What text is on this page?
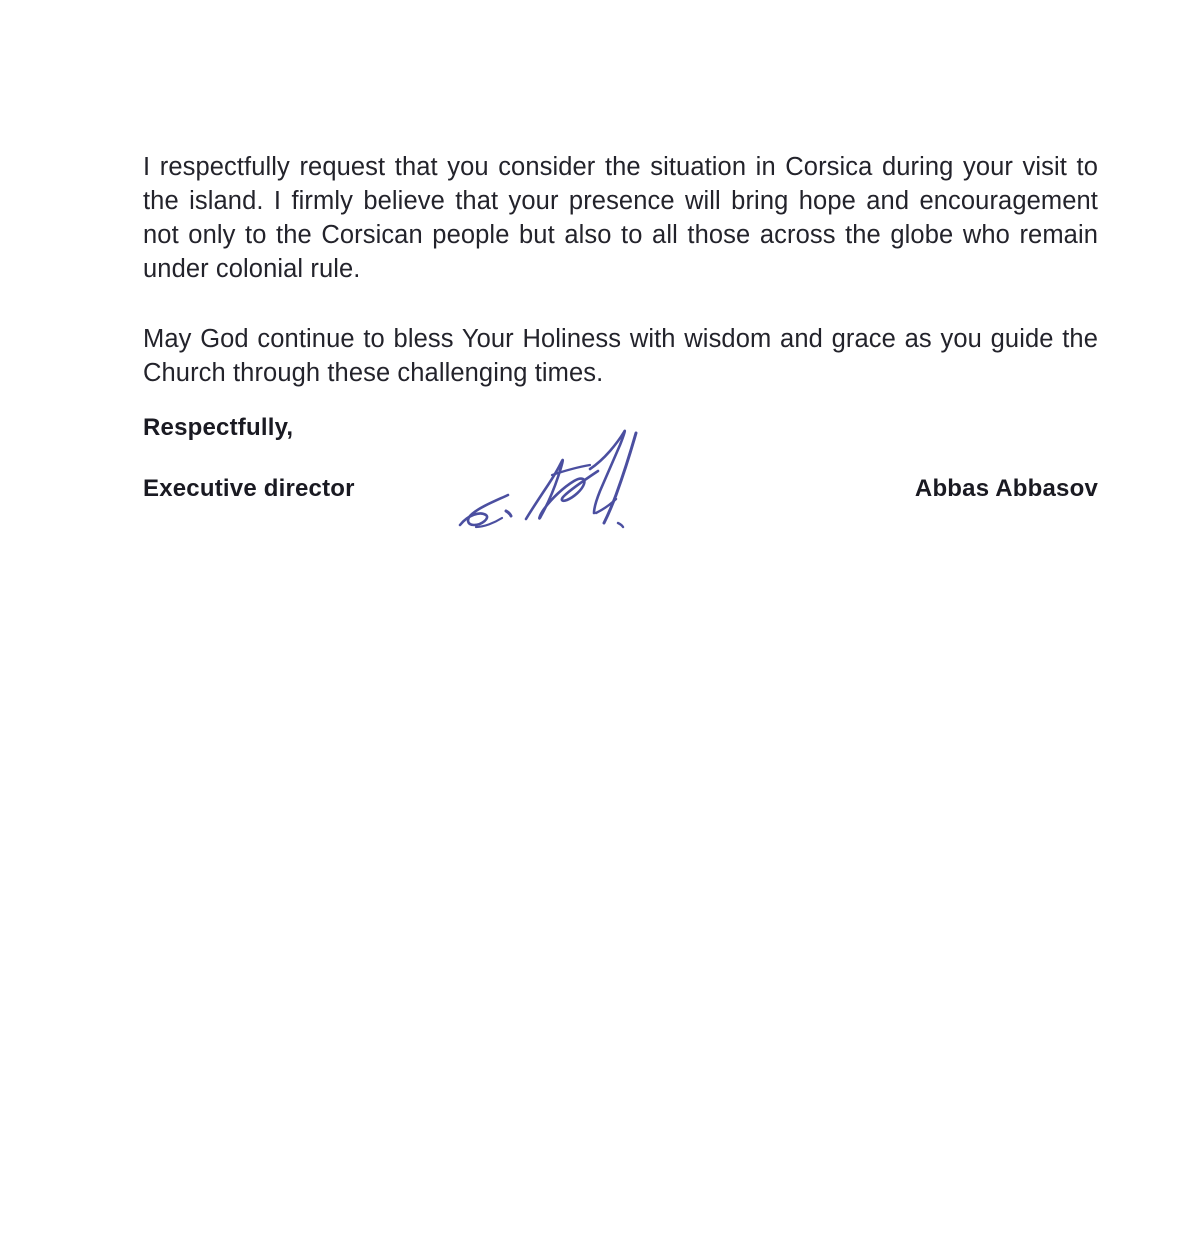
I respectfully request that you consider the situation in Corsica during your visit to the island. I firmly believe that your presence will bring hope and encouragement not only to the Corsican people but also to all those across the globe who remain under colonial rule.

May God continue to bless Your Holiness with wisdom and grace as you guide the Church through these challenging times.

Respectfully,
Executive director	Abbas Abbasov
